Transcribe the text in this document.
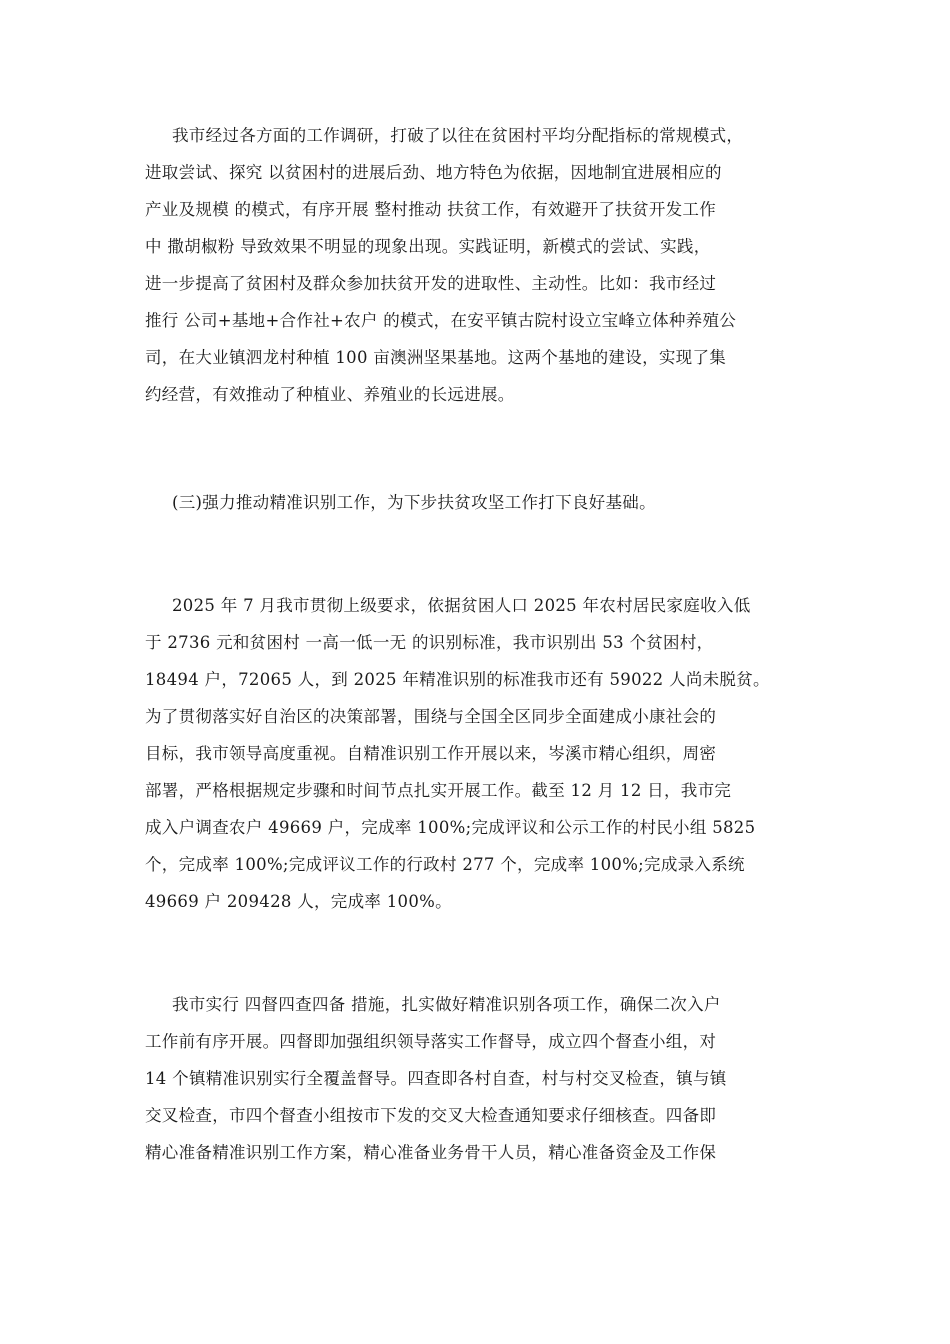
我市经过各方面的工作调研，打破了以往在贫困村平均分配指标的常规模式，
进取尝试、探究 以贫困村的进展后劲、地方特色为依据，因地制宜进展相应的
产业及规模 的模式，有序开展 整村推动 扶贫工作，有效避开了扶贫开发工作
中 撒胡椒粉 导致效果不明显的现象出现。实践证明，新模式的尝试、实践，
进一步提高了贫困村及群众参加扶贫开发的进取性、主动性。比如：我市经过
推行 公司+基地+合作社+农户 的模式，在安平镇古院村设立宝峰立体种养殖公
司，在大业镇泗龙村种植 100 亩澳洲坚果基地。这两个基地的建设，实现了集
约经营，有效推动了种植业、养殖业的长远进展。
(三)强力推动精准识别工作，为下步扶贫攻坚工作打下良好基础。
2025 年 7 月我市贯彻上级要求，依据贫困人口 2025 年农村居民家庭收入低
于 2736 元和贫困村 一高一低一无 的识别标准，我市识别出 53 个贫困村，
18494 户，72065 人，到 2025 年精准识别的标准我市还有 59022 人尚未脱贫。
为了贯彻落实好自治区的决策部署，围绕与全国全区同步全面建成小康社会的
目标，我市领导高度重视。自精准识别工作开展以来，岑溪市精心组织，周密
部署，严格根据规定步骤和时间节点扎实开展工作。截至 12 月 12 日，我市完
成入户调查农户 49669 户，完成率 100%;完成评议和公示工作的村民小组 5825
个，完成率 100%;完成评议工作的行政村 277 个，完成率 100%;完成录入系统
49669 户 209428 人，完成率 100%。
我市实行 四督四查四备 措施，扎实做好精准识别各项工作，确保二次入户
工作前有序开展。四督即加强组织领导落实工作督导，成立四个督查小组，对
14 个镇精准识别实行全覆盖督导。四查即各村自查，村与村交叉检查，镇与镇
交叉检查，市四个督查小组按市下发的交叉大检查通知要求仔细核查。四备即
精心准备精准识别工作方案，精心准备业务骨干人员，精心准备资金及工作保
